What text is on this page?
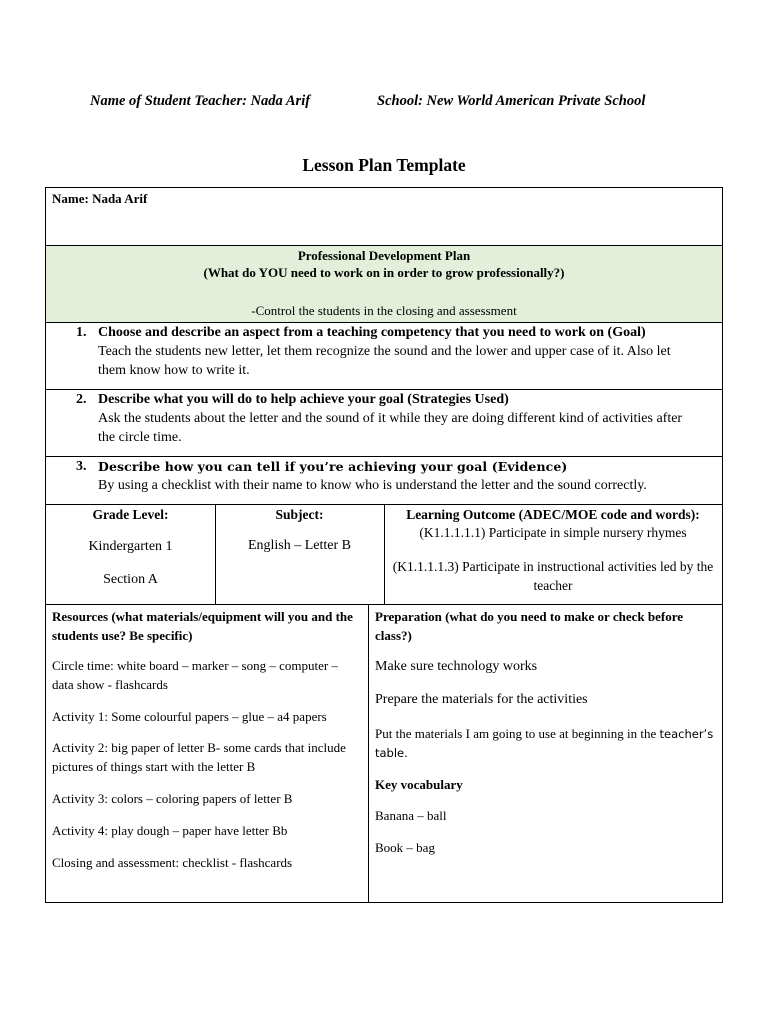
Name of Student Teacher: Nada Arif	School: New World American Private School
Lesson Plan Template
Name: Nada Arif
Professional Development Plan
(What do YOU need to work on in order to grow professionally?)
-Control the students in the closing and assessment
1. Choose and describe an aspect from a teaching competency that you need to work on (Goal)
Teach the students new letter, let them recognize the sound and the lower and upper case of it. Also let them know how to write it.
2. Describe what you will do to help achieve your goal (Strategies Used)
Ask the students about the letter and the sound of it while they are doing different kind of activities after the circle time.
3. Describe how you can tell if you’re achieving your goal (Evidence)
By using a checklist with their name to know who is understand the letter and the sound correctly.
Grade Level:
Kindergarten 1
Section A
Subject:
English – Letter B
Learning Outcome (ADEC/MOE code and words):
(K1.1.1.1.1) Participate in simple nursery rhymes
(K1.1.1.1.3) Participate in instructional activities led by the teacher
Resources (what materials/equipment will you and the students use? Be specific)
Circle time: white board – marker – song – computer – data show - flashcards
Activity 1: Some colourful papers – glue – a4 papers
Activity 2: big paper of letter B- some cards that include pictures of things start with the letter B
Activity 3: colors – coloring papers of letter B
Activity 4: play dough – paper have letter Bb
Closing and assessment: checklist - flashcards
Preparation (what do you need to make or check before class?)
Make sure technology works
Prepare the materials for the activities
Put the materials I am going to use at beginning in the teacher’s table.
Key vocabulary
Banana – ball
Book – bag
